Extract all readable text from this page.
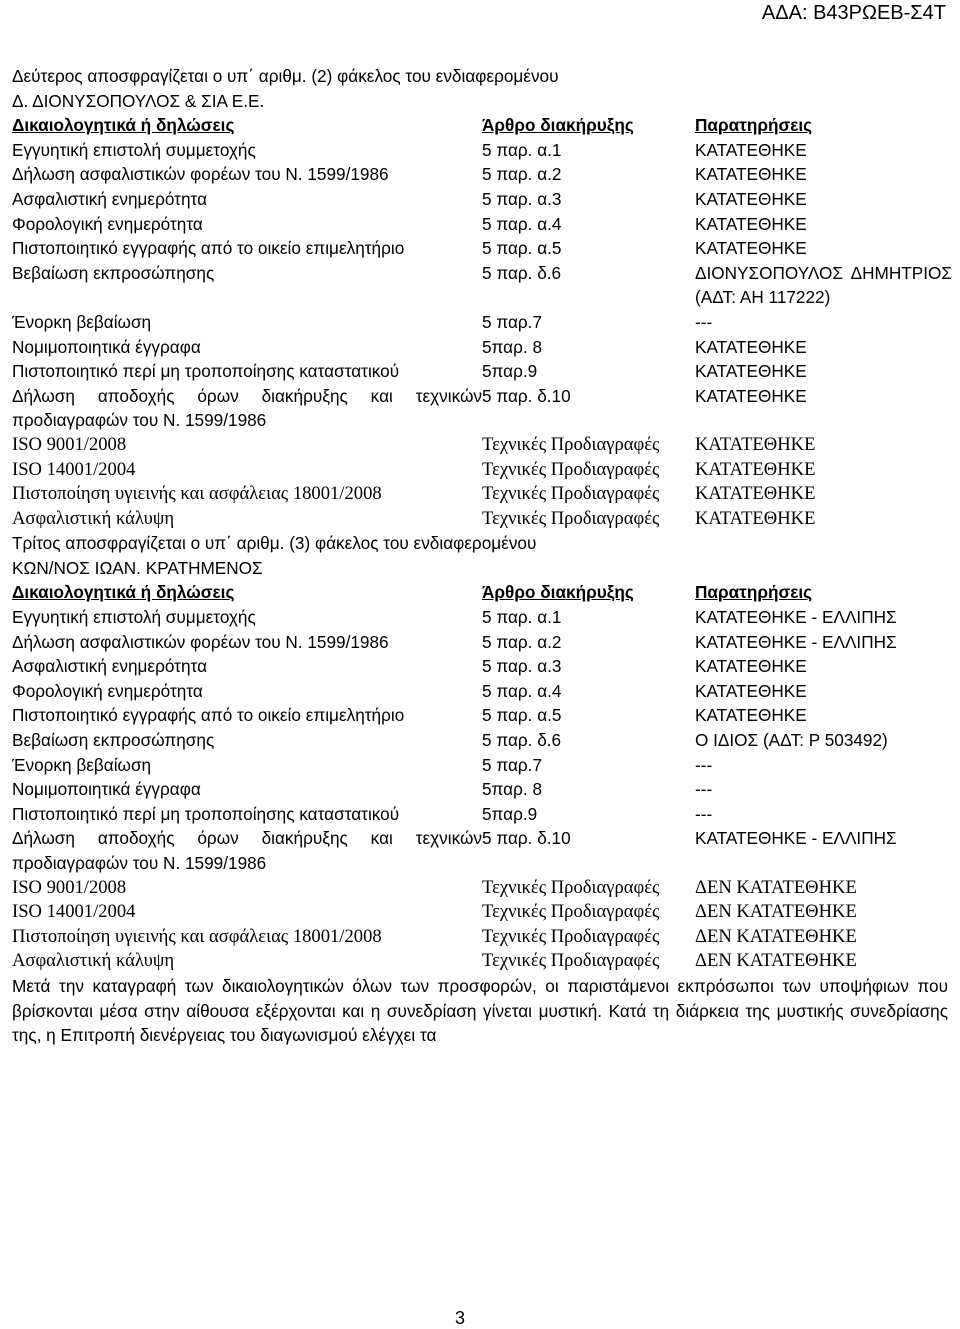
ΑΔΑ: Β43ΡΩΕΒ-Σ4Τ

Δεύτερος αποσφραγίζεται ο υπ΄ αριθμ. (2) φάκελος του ενδιαφερομένου

Δ. ΔΙΟΝΥΣΟΠΟΥΛΟΣ & ΣΙΑ Ε.Ε.

Δικαιολογητικά ή δηλώσεις	Άρθρο διακήρυξης	Παρατηρήσεις
Εγγυητική επιστολή συμμετοχής	5 παρ. α.1	ΚΑΤΑΤΕΘΗΚΕ
Δήλωση ασφαλιστικών φορέων του Ν. 1599/1986	5 παρ. α.2	ΚΑΤΑΤΕΘΗΚΕ
Ασφαλιστική ενημερότητα	5 παρ. α.3	ΚΑΤΑΤΕΘΗΚΕ
Φορολογική ενημερότητα	5 παρ. α.4	ΚΑΤΑΤΕΘΗΚΕ
Πιστοποιητικό εγγραφής από το οικείο επιμελητήριο	5 παρ. α.5	ΚΑΤΑΤΕΘΗΚΕ
Βεβαίωση εκπροσώπησης	5 παρ. δ.6	ΔΙΟΝΥΣΟΠΟΥΛΟΣ ΔΗΜΗΤΡΙΟΣ (ΑΔΤ: ΑΗ 117222)
Ένορκη βεβαίωση	5 παρ.7	---
Νομιμοποιητικά έγγραφα	5παρ. 8	ΚΑΤΑΤΕΘΗΚΕ
Πιστοποιητικό περί μη τροποποίησης καταστατικού	5παρ.9	ΚΑΤΑΤΕΘΗΚΕ
Δήλωση αποδοχής όρων διακήρυξης και τεχνικών προδιαγραφών του Ν. 1599/1986	5 παρ. δ.10	ΚΑΤΑΤΕΘΗΚΕ
ISO 9001/2008	Τεχνικές Προδιαγραφές	ΚΑΤΑΤΕΘΗΚΕ
ISO 14001/2004	Τεχνικές Προδιαγραφές	ΚΑΤΑΤΕΘΗΚΕ
Πιστοποίηση υγιεινής και ασφάλειας 18001/2008	Τεχνικές Προδιαγραφές	ΚΑΤΑΤΕΘΗΚΕ
Ασφαλιστική κάλυψη	Τεχνικές Προδιαγραφές	ΚΑΤΑΤΕΘΗΚΕ

Τρίτος αποσφραγίζεται ο υπ΄ αριθμ. (3) φάκελος του ενδιαφερομένου

ΚΩΝ/ΝΟΣ ΙΩΑΝ. ΚΡΑΤΗΜΕΝΟΣ

Δικαιολογητικά ή δηλώσεις	Άρθρο διακήρυξης	Παρατηρήσεις
Εγγυητική επιστολή συμμετοχής	5 παρ. α.1	ΚΑΤΑΤΕΘΗΚΕ - ΕΛΛΙΠΗΣ
Δήλωση ασφαλιστικών φορέων του Ν. 1599/1986	5 παρ. α.2	ΚΑΤΑΤΕΘΗΚΕ - ΕΛΛΙΠΗΣ
Ασφαλιστική ενημερότητα	5 παρ. α.3	ΚΑΤΑΤΕΘΗΚΕ
Φορολογική ενημερότητα	5 παρ. α.4	ΚΑΤΑΤΕΘΗΚΕ
Πιστοποιητικό εγγραφής από το οικείο επιμελητήριο	5 παρ. α.5	ΚΑΤΑΤΕΘΗΚΕ
Βεβαίωση εκπροσώπησης	5 παρ. δ.6	Ο ΙΔΙΟΣ (ΑΔΤ: Ρ 503492)
Ένορκη βεβαίωση	5 παρ.7	---
Νομιμοποιητικά έγγραφα	5παρ. 8	---
Πιστοποιητικό περί μη τροποποίησης καταστατικού	5παρ.9	---
Δήλωση αποδοχής όρων διακήρυξης και τεχνικών προδιαγραφών του Ν. 1599/1986	5 παρ. δ.10	ΚΑΤΑΤΕΘΗΚΕ - ΕΛΛΙΠΗΣ
ISO 9001/2008	Τεχνικές Προδιαγραφές	ΔΕΝ ΚΑΤΑΤΕΘΗΚΕ
ISO 14001/2004	Τεχνικές Προδιαγραφές	ΔΕΝ ΚΑΤΑΤΕΘΗΚΕ
Πιστοποίηση υγιεινής και ασφάλειας 18001/2008	Τεχνικές Προδιαγραφές	ΔΕΝ ΚΑΤΑΤΕΘΗΚΕ
Ασφαλιστική κάλυψη	Τεχνικές Προδιαγραφές	ΔΕΝ ΚΑΤΑΤΕΘΗΚΕ

Μετά την καταγραφή των δικαιολογητικών όλων των προσφορών, οι παριστάμενοι εκπρόσωποι των υποψήφιων που βρίσκονται μέσα στην αίθουσα εξέρχονται και η συνεδρίαση γίνεται μυστική. Κατά τη διάρκεια της μυστικής συνεδρίασης της, η Επιτροπή διενέργειας του διαγωνισμού ελέγχει τα

3
